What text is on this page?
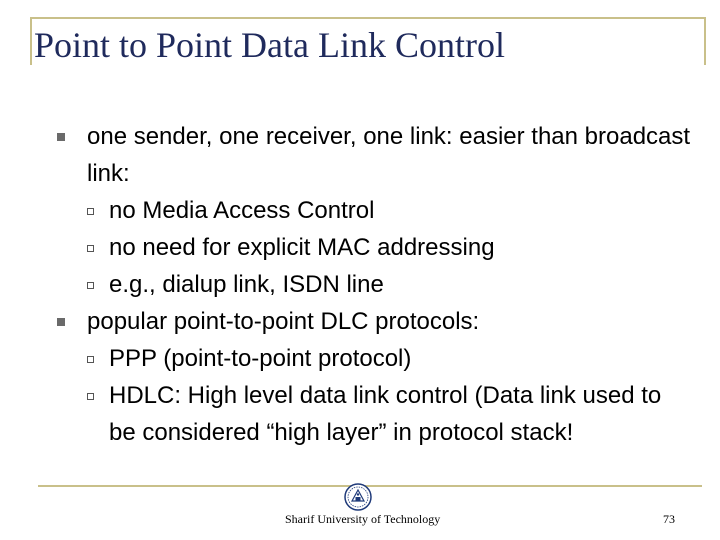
Point to Point Data Link Control
one sender, one receiver, one link: easier than broadcast link:
no Media Access Control
no need for explicit MAC addressing
e.g., dialup link, ISDN line
popular point-to-point DLC protocols:
PPP (point-to-point protocol)
HDLC: High level data link control (Data link used to be considered “high layer” in protocol stack!
Sharif University of Technology	73
